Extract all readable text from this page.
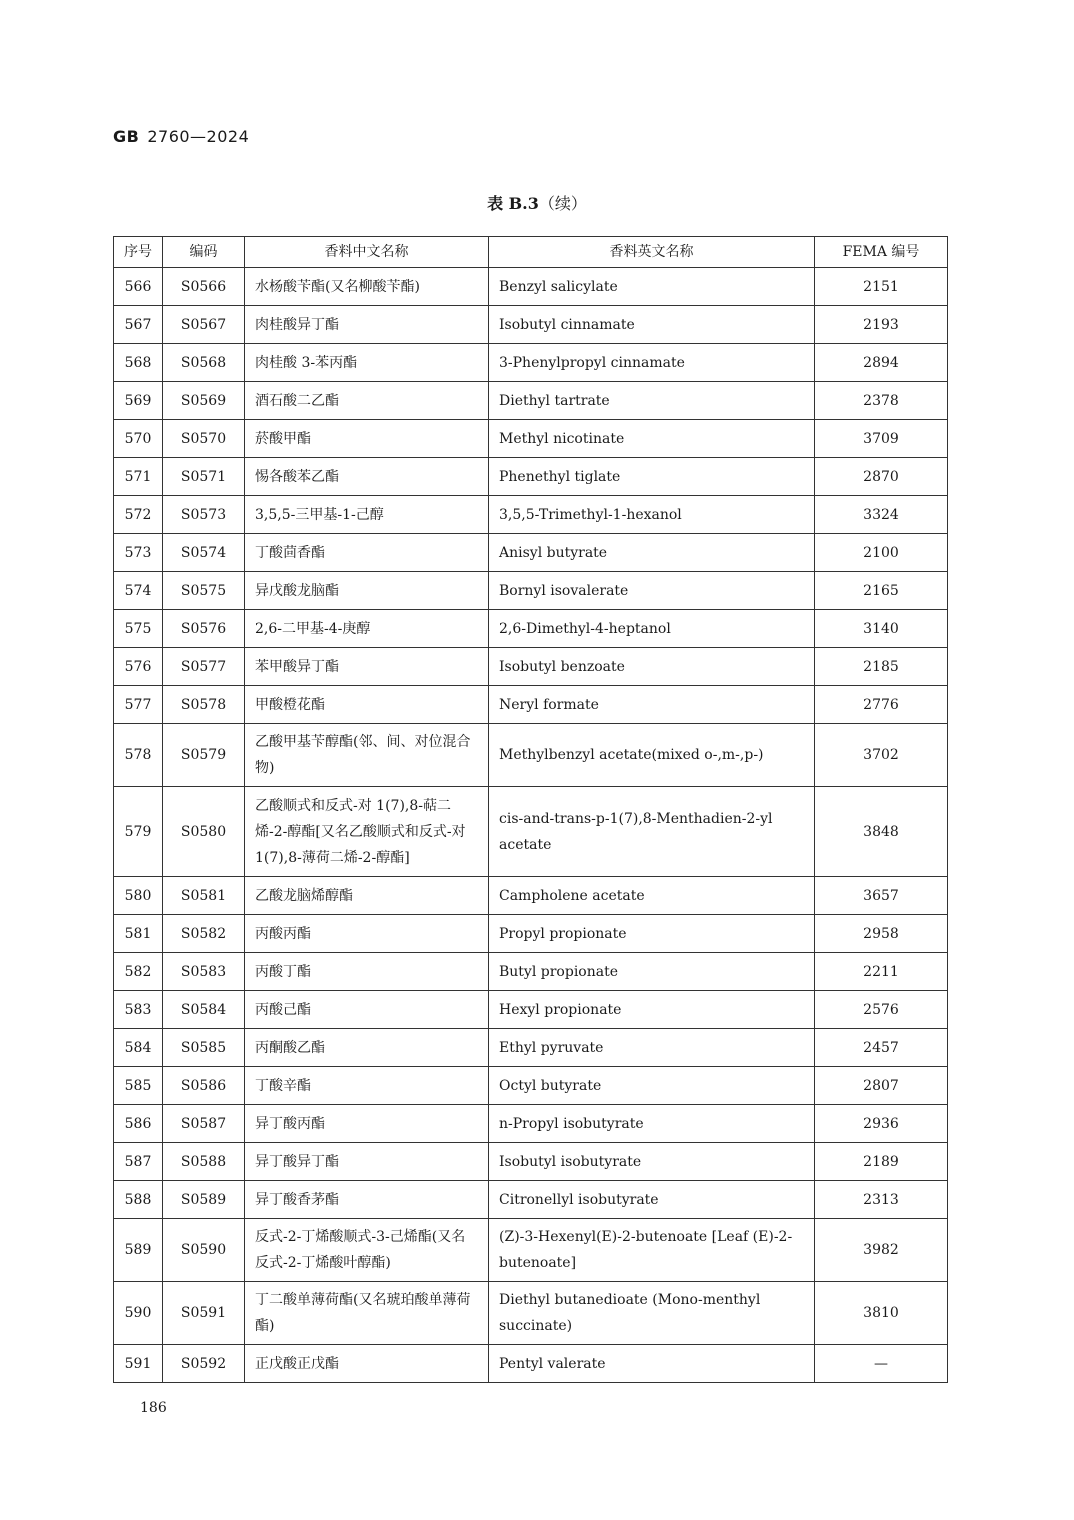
GB 2760—2024
表 B.3（续）
序号	编码	香料中文名称	香料英文名称	FEMA 编号
566	S0566	水杨酸苄酯(又名柳酸苄酯)	Benzyl salicylate	2151
567	S0567	肉桂酸异丁酯	Isobutyl cinnamate	2193
568	S0568	肉桂酸 3-苯丙酯	3-Phenylpropyl cinnamate	2894
569	S0569	酒石酸二乙酯	Diethyl tartrate	2378
570	S0570	菸酸甲酯	Methyl nicotinate	3709
571	S0571	惕各酸苯乙酯	Phenethyl tiglate	2870
572	S0573	3,5,5-三甲基-1-己醇	3,5,5-Trimethyl-1-hexanol	3324
573	S0574	丁酸茴香酯	Anisyl butyrate	2100
574	S0575	异戊酸龙脑酯	Bornyl isovalerate	2165
575	S0576	2,6-二甲基-4-庚醇	2,6-Dimethyl-4-heptanol	3140
576	S0577	苯甲酸异丁酯	Isobutyl benzoate	2185
577	S0578	甲酸橙花酯	Neryl formate	2776
578	S0579	乙酸甲基苄醇酯(邻、间、对位混合物)	Methylbenzyl acetate(mixed o-,m-,p-)	3702
579	S0580	乙酸顺式和反式-对 1(7),8-萜二烯-2-醇酯[又名乙酸顺式和反式-对 1(7),8-薄荷二烯-2-醇酯]	cis-and-trans-p-1(7),8-Menthadien-2-yl acetate	3848
580	S0581	乙酸龙脑烯醇酯	Campholene acetate	3657
581	S0582	丙酸丙酯	Propyl propionate	2958
582	S0583	丙酸丁酯	Butyl propionate	2211
583	S0584	丙酸己酯	Hexyl propionate	2576
584	S0585	丙酮酸乙酯	Ethyl pyruvate	2457
585	S0586	丁酸辛酯	Octyl butyrate	2807
586	S0587	异丁酸丙酯	n-Propyl isobutyrate	2936
587	S0588	异丁酸异丁酯	Isobutyl isobutyrate	2189
588	S0589	异丁酸香茅酯	Citronellyl isobutyrate	2313
589	S0590	反式-2-丁烯酸顺式-3-己烯酯(又名反式-2-丁烯酸叶醇酯)	(Z)-3-Hexenyl(E)-2-butenoate [Leaf (E)-2-butenoate]	3982
590	S0591	丁二酸单薄荷酯(又名琥珀酸单薄荷酯)	Diethyl butanedioate (Mono-menthyl succinate)	3810
591	S0592	正戊酸正戊酯	Pentyl valerate	—
186
